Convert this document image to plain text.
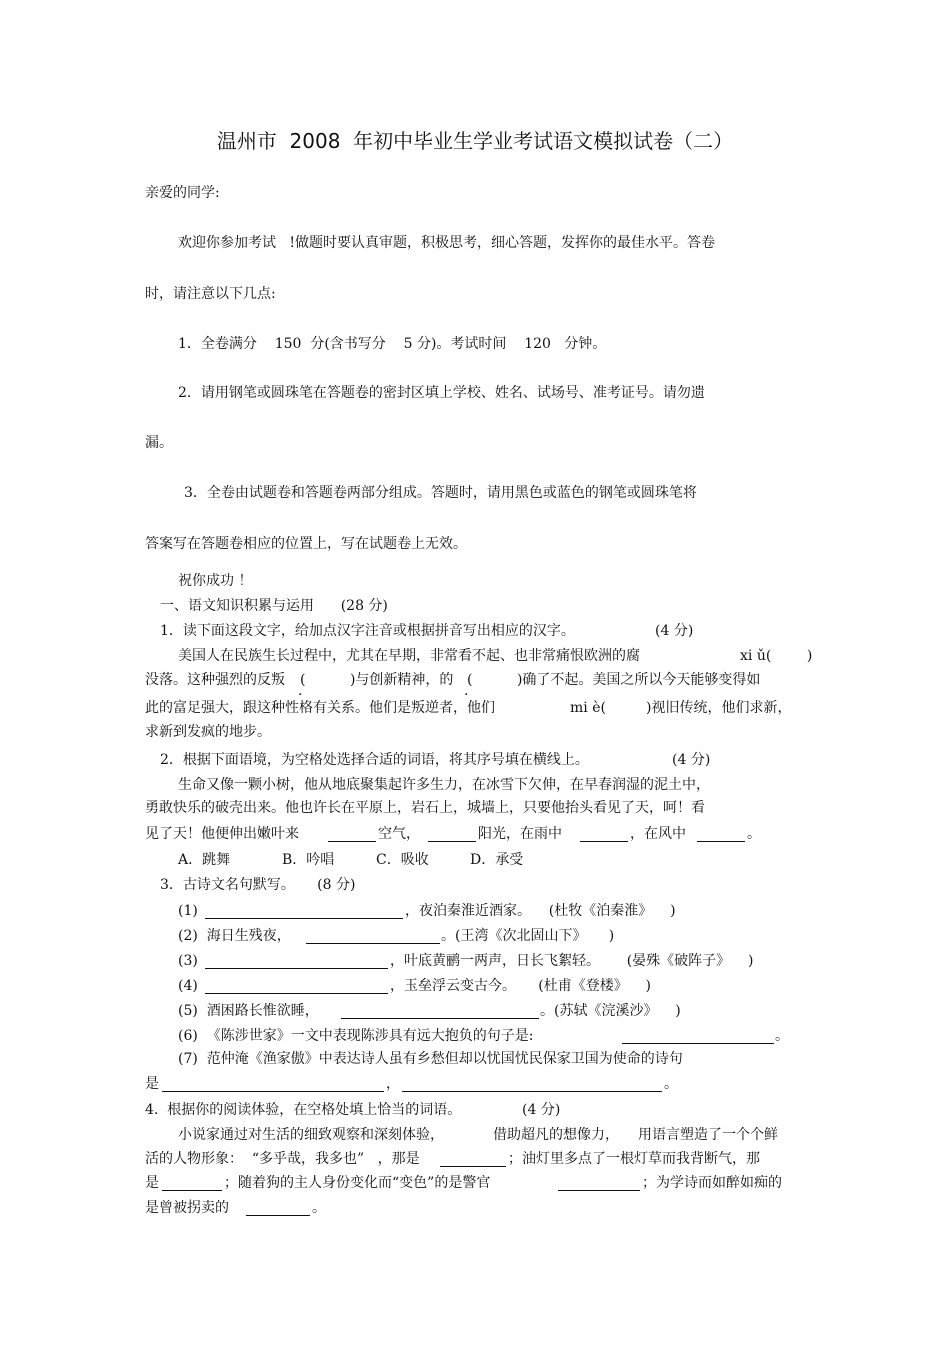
温州市  2008  年初中毕业生学业考试语文模拟试卷（二）
亲爱的同学:
欢迎你参加考试   !做题时要认真审题，积极思考，细心答题，发挥你的最佳水平。答卷
时，请注意以下几点:
1．全卷满分    150  分(含书写分    5 分)。考试时间    120   分钟。
2．请用钢笔或圆珠笔在答题卷的密封区填上学校、姓名、试场号、准考证号。请勿遗
漏。
3．全卷由试题卷和答题卷两部分组成。答题时，请用黑色或蓝色的钢笔或圆珠笔将
答案写在答题卷相应的位置上，写在试题卷上无效。
祝你成功 ！
一、语文知识积累与运用      (28 分)
1．读下面这段文字，给加点汉字注音或根据拼音写出相应的汉字。	(4 分)
美国人在民族生长过程中，尤其在早期，非常看不起、也非常痛恨欧洲的腐	xi ǔ(        )
没落。这种强烈的反叛 (          )与创新精神，的 (          )确了不起。美国之所以今天能够变得如
.	.
此的富足强大，跟这种性格有关系。他们是叛逆者，他们	mi è(         )视旧传统，他们求新，
求新到发疯的地步。
2．根据下面语境，为空格处选择合适的词语，将其序号填在横线上。	(4 分)
生命又像一颗小树，他从地底聚集起许多生力，在冰雪下欠伸，在早春润湿的泥土中，
勇敢快乐的破壳出来。他也许长在平原上，岩石上，城墙上，只要他抬头看见了天，呵！看
见了天！他便伸出嫩叶来	空气，	阳光，在雨中	，在风中	。
A．跳舞	B．吟唱	C．吸收	D．承受
3．古诗文名句默写。     (8 分)
(1)	，夜泊秦淮近酒家。    (杜牧《泊秦淮》    )
(2)  海日生残夜，	。(王湾《次北固山下》     )
(3)	，叶底黄鹂一两声，日长飞絮轻。      (晏殊《破阵子》    )
(4)	，玉垒浮云变古今。     (杜甫《登楼》    )
(5)  酒困路长惟欲睡，	。(苏轼《浣溪沙》    )
(6)  《陈涉世家》一文中表现陈涉具有远大抱负的句子是:	。
(7)  范仲淹《渔家傲》中表达诗人虽有乡愁但却以忧国忧民保家卫国为使命的诗句
是	，	。
4.  根据你的阅读体验，在空格处填上恰当的词语。	(4 分)
小说家通过对生活的细致观察和深刻体验，	借助超凡的想像力， 用语言塑造了一个个鲜
活的人物形象：  “多乎哉，我多也”   ，那是	；油灯里多点了一根灯草而我背断气，那
是	；随着狗的主人身份变化而“变色”的是警官	；为学诗而如醉如痴的
是曾被拐卖的	。
